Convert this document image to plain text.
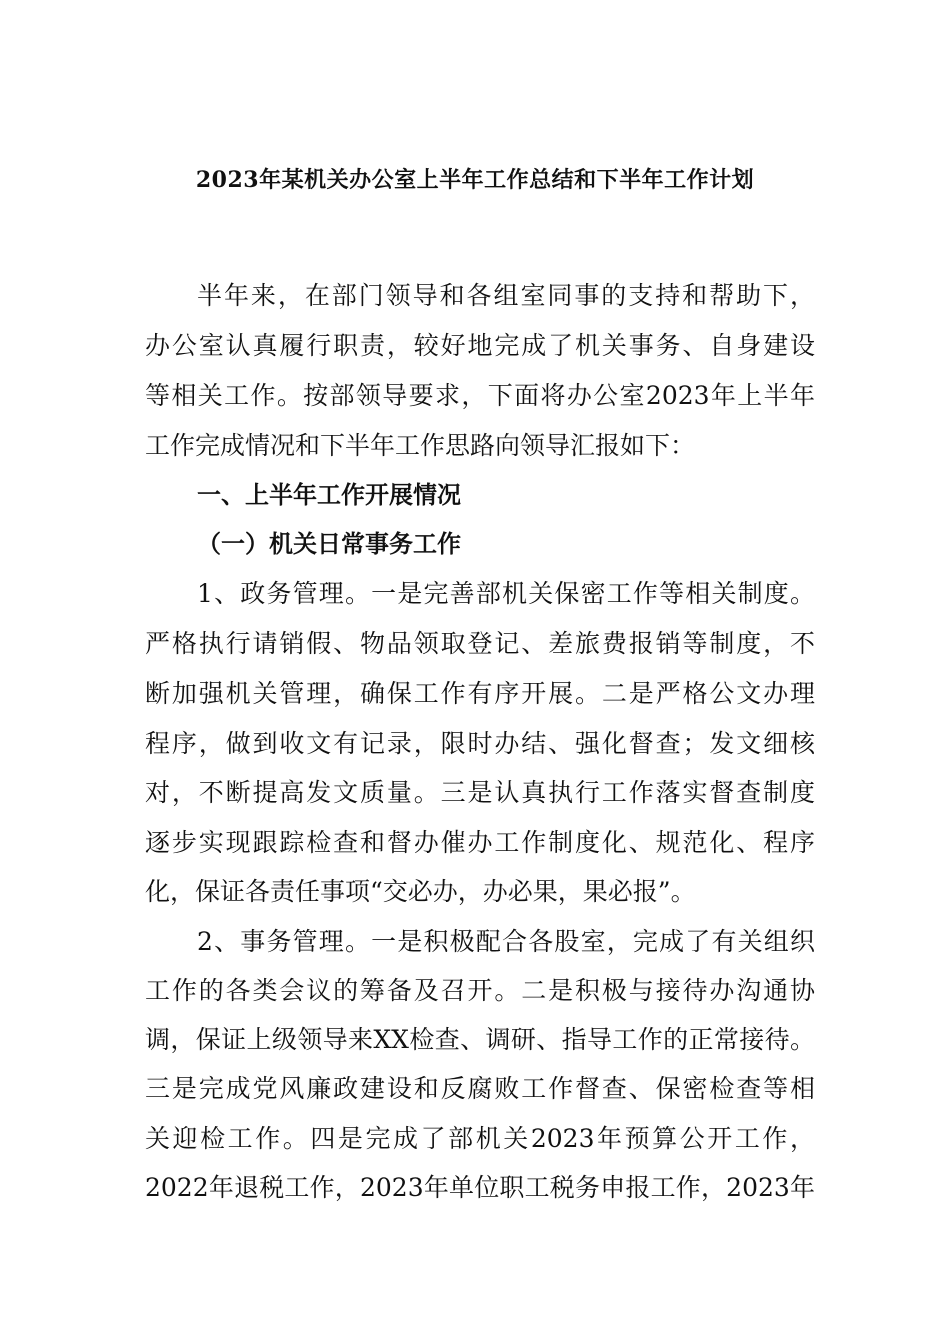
2023年某机关办公室上半年工作总结和下半年工作计划
半年来，在部门领导和各组室同事的支持和帮助下，
办公室认真履行职责，较好地完成了机关事务、自身建设
等相关工作。按部领导要求，下面将办公室2023年上半年
工作完成情况和下半年工作思路向领导汇报如下：
一、上半年工作开展情况
（一）机关日常事务工作
1、政务管理。一是完善部机关保密工作等相关制度。
严格执行请销假、物品领取登记、差旅费报销等制度，不
断加强机关管理，确保工作有序开展。二是严格公文办理
程序，做到收文有记录，限时办结、强化督查；发文细核
对，不断提高发文质量。三是认真执行工作落实督查制度
逐步实现跟踪检查和督办催办工作制度化、规范化、程序
化，保证各责任事项“交必办，办必果，果必报”。
2、事务管理。一是积极配合各股室，完成了有关组织
工作的各类会议的筹备及召开。二是积极与接待办沟通协
调，保证上级领导来XX检查、调研、指导工作的正常接待。
三是完成党风廉政建设和反腐败工作督查、保密检查等相
关迎检工作。四是完成了部机关2023年预算公开工作，
2022年退税工作，2023年单位职工税务申报工作，2023年
